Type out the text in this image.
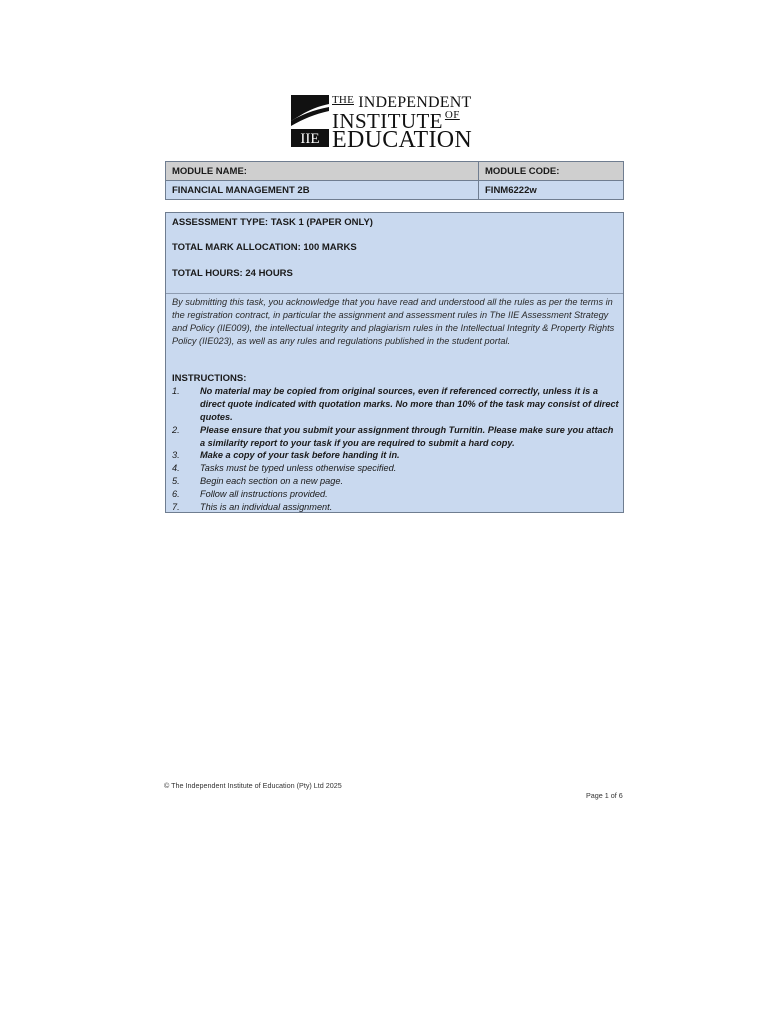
IIE
$^{THE}$ INDEPENDENT
INSTITUTE $^{OF}$
EDUCATION
MODULE NAME:	MODULE CODE:
FINANCIAL MANAGEMENT 2B	FINM6222w
ASSESSMENT TYPE: TASK 1 (PAPER ONLY)
TOTAL MARK ALLOCATION: 100 MARKS
TOTAL HOURS: 24 HOURS
By submitting this task, you acknowledge that you have read and understood all the rules as per the terms in the registration contract, in particular the assignment and assessment rules in The IIE Assessment Strategy and Policy (IIE009), the intellectual integrity and plagiarism rules in the Intellectual Integrity & Property Rights Policy (IIE023), as well as any rules and regulations published in the student portal.
INSTRUCTIONS:
1. No material may be copied from original sources, even if referenced correctly, unless it is a direct quote indicated with quotation marks. No more than 10% of the task may consist of direct quotes.
2. Please ensure that you submit your assignment through Turnitin. Please make sure you attach a similarity report to your task if you are required to submit a hard copy.
3. Make a copy of your task before handing it in.
4. Tasks must be typed unless otherwise specified.
5. Begin each section on a new page.
6. Follow all instructions provided.
7. This is an individual assignment.
© The Independent Institute of Education (Pty) Ltd 2025
Page 1 of 6
